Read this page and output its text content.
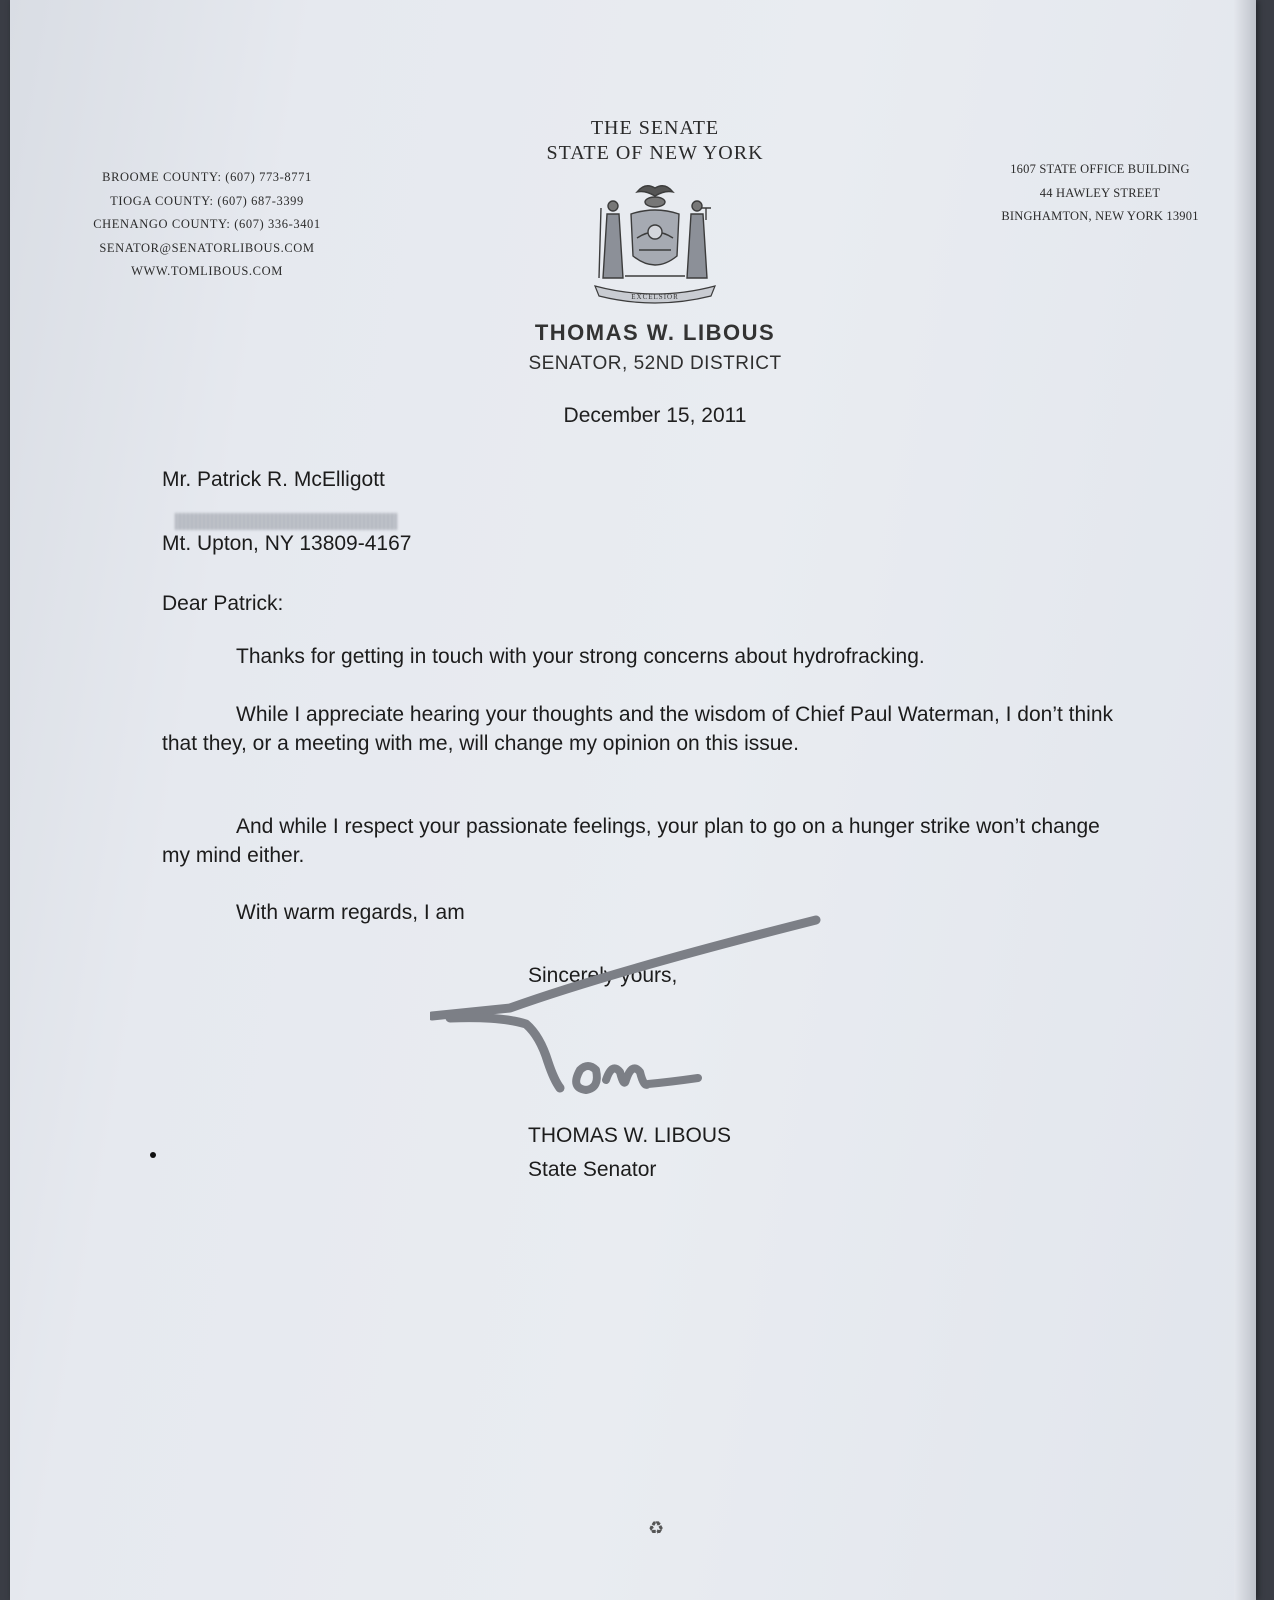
BROOME COUNTY: (607) 773-8771
TIOGA COUNTY: (607) 687-3399
CHENANGO COUNTY: (607) 336-3401
SENATOR@SENATORLIBOUS.COM
WWW.TOMLIBOUS.COM
THE SENATE
STATE OF NEW YORK
1607 STATE OFFICE BUILDING
44 HAWLEY STREET
BINGHAMTON, NEW YORK 13901
EXCELSIOR
THOMAS W. LIBOUS
SENATOR, 52ND DISTRICT
December 15, 2011
Mr. Patrick R. McElligott
Mt. Upton, NY 13809-4167
Dear Patrick:
Thanks for getting in touch with your strong concerns about hydrofracking.
While I appreciate hearing your thoughts and the wisdom of Chief Paul Waterman, I don’t think that they, or a meeting with me, will change my opinion on this issue.
And while I respect your passionate feelings, your plan to go on a hunger strike won’t change my mind either.
With warm regards, I am
Sincerely yours,
THOMAS W. LIBOUS
State Senator
♻
